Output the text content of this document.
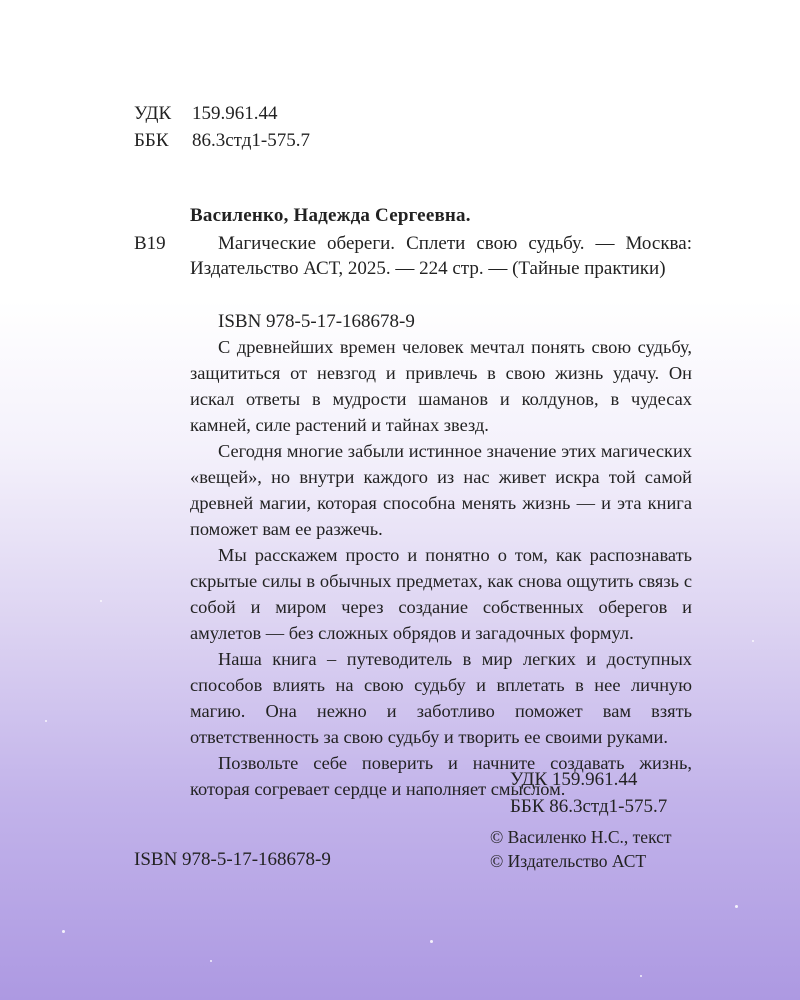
УДК 159.961.44
ББК 86.3стд1-575.7
Василенко, Надежда Сергеевна.
В19	Магические обереги. Сплети свою судьбу. — Москва: Издательство АСТ, 2025. — 224 стр. — (Тайные практики)
ISBN 978-5-17-168678-9

С древнейших времен человек мечтал понять свою судьбу, защититься от невзгод и привлечь в свою жизнь удачу. Он искал ответы в мудрости шаманов и колдунов, в чудесах камней, силе растений и тайнах звезд.

Сегодня многие забыли истинное значение этих магических «вещей», но внутри каждого из нас живет искра той самой древней магии, которая способна менять жизнь — и эта книга поможет вам ее разжечь.

Мы расскажем просто и понятно о том, как распознавать скрытые силы в обычных предметах, как снова ощутить связь с собой и миром через создание собственных оберегов и амулетов — без сложных обрядов и загадочных формул.

Наша книга – путеводитель в мир легких и доступных способов влиять на свою судьбу и вплетать в нее личную магию. Она нежно и заботливо поможет вам взять ответственность за свою судьбу и творить ее своими руками.

Позвольте себе поверить и начните создавать жизнь, которая согревает сердце и наполняет смыслом.

УДК 159.961.44
ББК 86.3стд1-575.7
ISBN 978-5-17-168678-9
© Василенко Н.С., текст
© Издательство АСТ
